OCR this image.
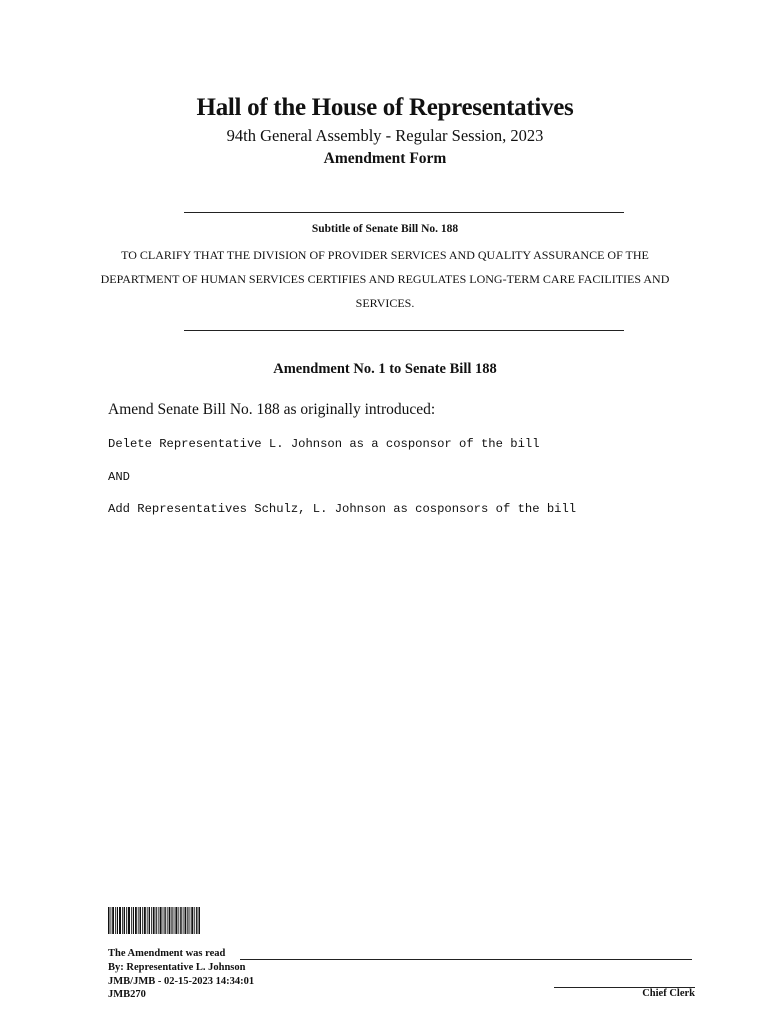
Hall of the House of Representatives
94th General Assembly - Regular Session, 2023
Amendment Form
Subtitle of Senate Bill No. 188
TO CLARIFY THAT THE DIVISION OF PROVIDER SERVICES AND QUALITY ASSURANCE OF THE DEPARTMENT OF HUMAN SERVICES CERTIFIES AND REGULATES LONG-TERM CARE FACILITIES AND SERVICES.
Amendment No. 1 to Senate Bill 188
Amend Senate Bill No. 188 as originally introduced:
Delete Representative L. Johnson as a cosponsor of the bill
AND
Add Representatives Schulz, L. Johnson as cosponsors of the bill
The Amendment was read
By: Representative L. Johnson
JMB/JMB - 02-15-2023 14:34:01
JMB270	Chief Clerk
